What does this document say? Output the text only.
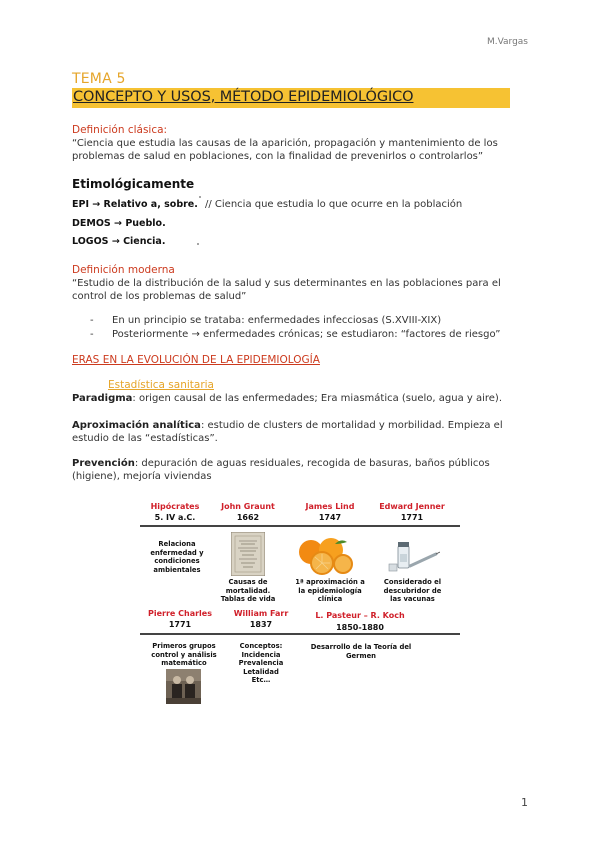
M.Vargas
TEMA 5
CONCEPTO Y USOS, MÉTODO EPIDEMIOLÓGICO
Definición clásica:
“Ciencia que estudia las causas de la aparición, propagación y mantenimiento de los
problemas de salud en poblaciones, con la finalidad de prevenirlos o controlarlos”
Etimológicamente
EPI → Relativo a, sobre.
DEMOS → Pueblo.
LOGOS → Ciencia.
// Ciencia que estudia lo que ocurre en la población
Definición moderna
“Estudio de la distribución de la salud y sus determinantes en las poblaciones para el
control de los problemas de salud”
- En un principio se trataba: enfermedades infecciosas (S.XVIII-XIX)
- Posteriormente → enfermedades crónicas; se estudiaron: “factores de riesgo”
ERAS EN LA EVOLUCIÓN DE LA EPIDEMIOLOGÍA
Estadística sanitaria
Paradigma: origen causal de las enfermedades; Era miasmática (suelo, agua y aire).
Aproximación analítica: estudio de clusters de mortalidad y morbilidad. Empieza el
estudio de las “estadísticas”.
Prevención: depuración de aguas residuales, recogida de basuras, baños públicos
(higiene), mejoría viviendas
Hipócrates
5. IV a.C.
John Graunt
1662
James Lind
1747
Edward Jenner
1771
Relaciona
enfermedad y
condiciones
ambientales
Causas de
mortalidad.
Tablas de vida
1ª aproximación a
la epidemiología
clínica
Considerado el
descubridor de
las vacunas
Pierre Charles
1771
William Farr
1837
L. Pasteur – R. Koch
1850-1880
Primeros grupos
control y análisis
matemático
Conceptos:
Incidencia
Prevalencia
Letalidad
Etc…
Desarrollo de la Teoría del
Germen
1
